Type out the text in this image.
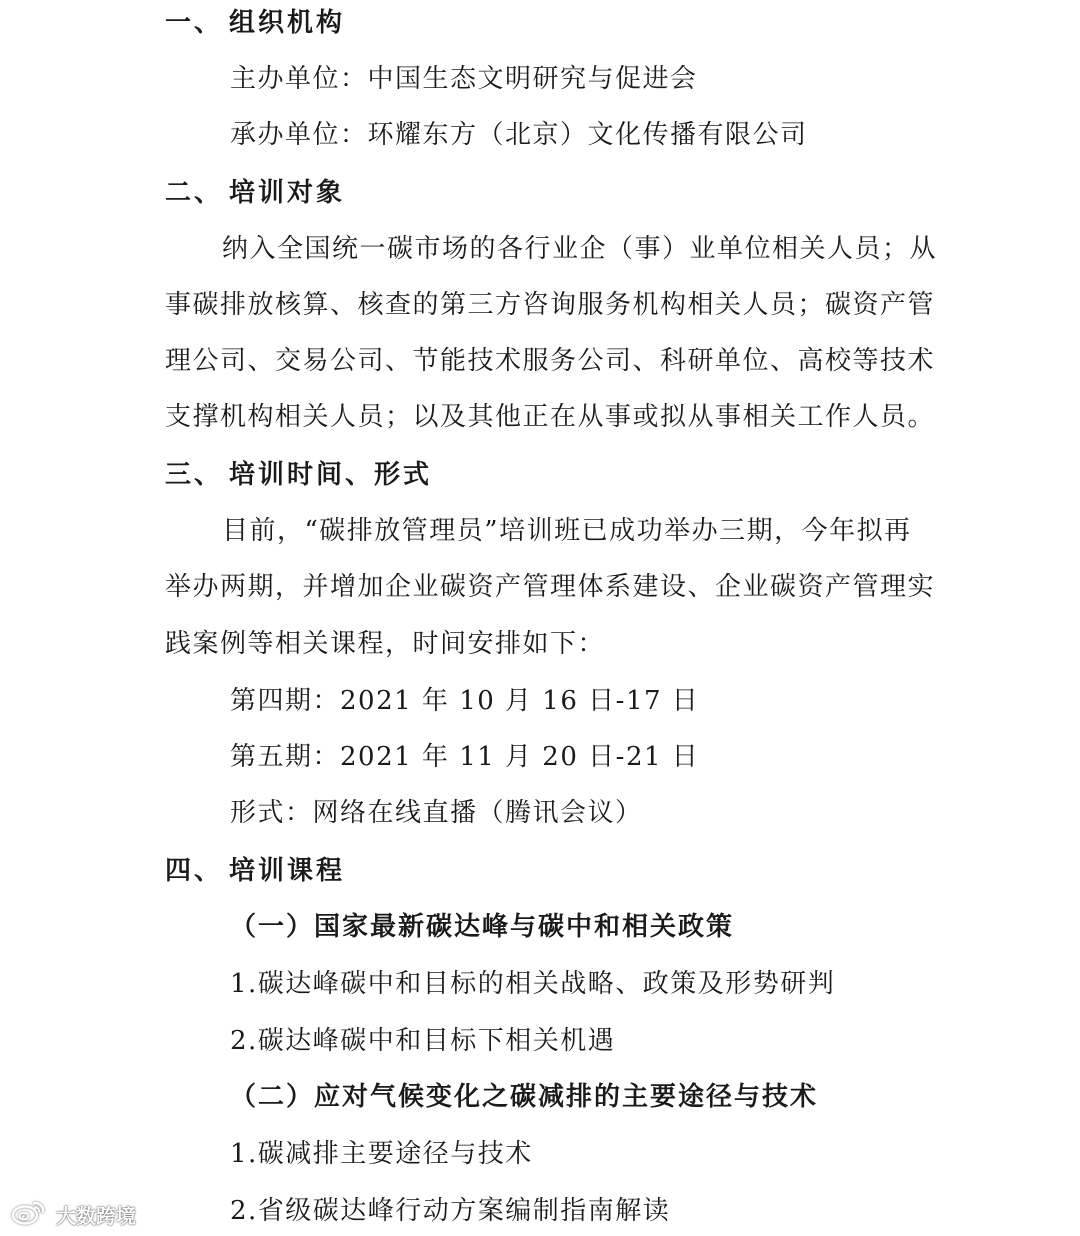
一、 组织机构
主办单位：中国生态文明研究与促进会
承办单位：环耀东方（北京）文化传播有限公司
二、 培训对象
纳入全国统一碳市场的各行业企（事）业单位相关人员；从
事碳排放核算、核查的第三方咨询服务机构相关人员；碳资产管
理公司、交易公司、节能技术服务公司、科研单位、高校等技术
支撑机构相关人员；以及其他正在从事或拟从事相关工作人员。
三、 培训时间、形式
目前，“碳排放管理员”培训班已成功举办三期，今年拟再
举办两期，并增加企业碳资产管理体系建设、企业碳资产管理实
践案例等相关课程，时间安排如下：
第四期：2021 年 10 月 16 日-17 日
第五期：2021 年 11 月 20 日-21 日
形式：网络在线直播（腾讯会议）
四、 培训课程
（一）国家最新碳达峰与碳中和相关政策
1.碳达峰碳中和目标的相关战略、政策及形势研判
2.碳达峰碳中和目标下相关机遇
（二）应对气候变化之碳减排的主要途径与技术
1.碳减排主要途径与技术
2.省级碳达峰行动方案编制指南解读
大数跨境
